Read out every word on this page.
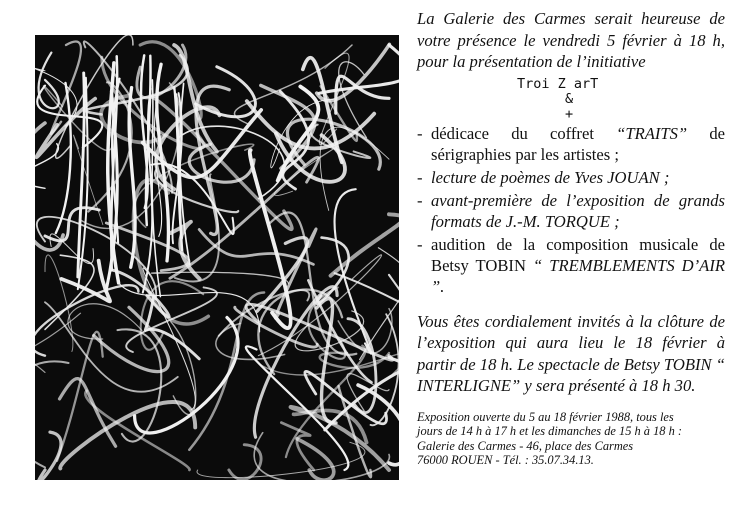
La Galerie des Carmes serait heureuse de votre présence le vendredi 5 février à 18 h, pour la présentation de l’initiative

Troi Z arT
&
+
- dédicace du coffret “TRAITS” de sérigraphies par les artistes ;
- lecture de poèmes de Yves JOUAN ;
- avant-première de l’exposition de grands formats de J.-M. TORQUE ;
- audition de la composition musicale de Betsy TOBIN “ TREMBLEMENTS D’AIR ”.

Vous êtes cordialement invités à la clôture de l’exposition qui aura lieu le 18 février à partir de 18 h. Le spectacle de Betsy TOBIN “ INTERLIGNE” y sera présenté à 18 h 30.

Exposition ouverte du 5 au 18 février 1988, tous les
jours de 14 h à 17 h et les dimanches de 15 h à 18 h :
Galerie des Carmes - 46, place des Carmes
76000 ROUEN - Tél. : 35.07.34.13.
